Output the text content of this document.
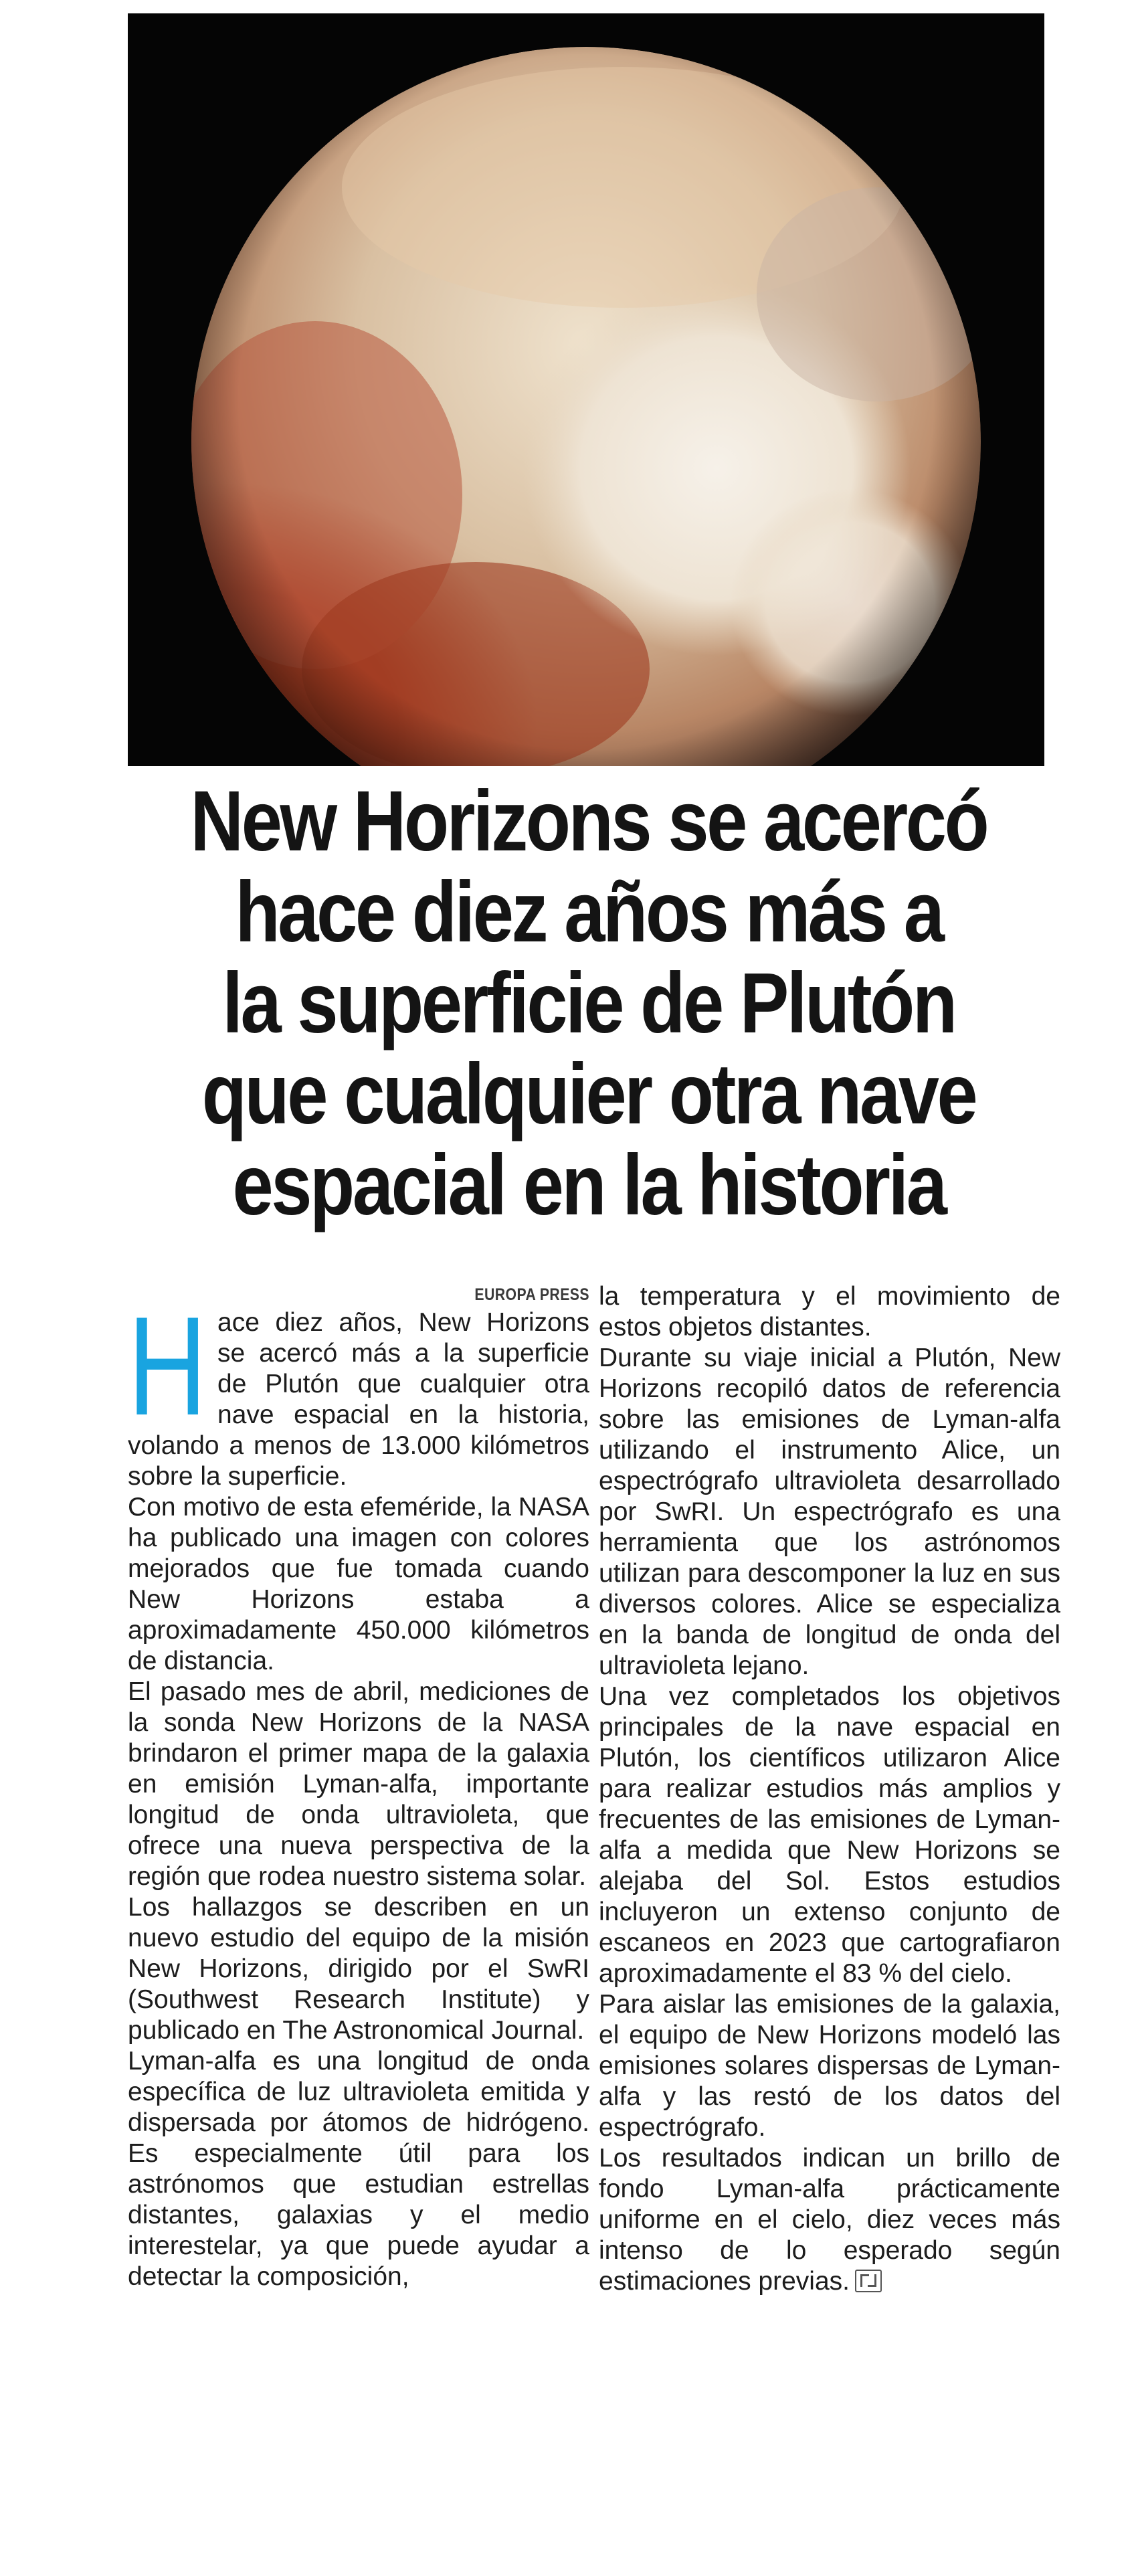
New Horizons se acercó
hace diez años más a
la superficie de Plutón
que cualquier otra nave
espacial en la historia
EUROPA PRESS

Hace diez años, New Horizons se acercó más a la superficie de Plutón que cualquier otra nave espacial en la historia, volando a menos de 13.000 kilómetros sobre la superficie.

Con motivo de esta efeméride, la NASA ha publicado una imagen con colores mejorados que fue tomada cuando New Horizons estaba a aproximadamente 450.000 kilómetros de distancia.

El pasado mes de abril, mediciones de la sonda New Horizons de la NASA brindaron el primer mapa de la galaxia en emisión Lyman-alfa, importante longitud de onda ultravioleta, que ofrece una nueva perspectiva de la región que rodea nuestro sistema solar.

Los hallazgos se describen en un nuevo estudio del equipo de la misión New Horizons, dirigido por el SwRI (Southwest Research Institute) y publicado en The Astronomical Journal.

Lyman-alfa es una longitud de onda específica de luz ultravioleta emitida y dispersada por átomos de hidrógeno. Es especialmente útil para los astrónomos que estudian estrellas distantes, galaxias y el medio interestelar, ya que puede ayudar a detectar la composición,

la temperatura y el movimiento de estos objetos distantes.

Durante su viaje inicial a Plutón, New Horizons recopiló datos de referencia sobre las emisiones de Lyman-alfa utilizando el instrumento Alice, un espectrógrafo ultravioleta desarrollado por SwRI. Un espectrógrafo es una herramienta que los astrónomos utilizan para descomponer la luz en sus diversos colores. Alice se especializa en la banda de longitud de onda del ultravioleta lejano.

Una vez completados los objetivos principales de la nave espacial en Plutón, los científicos utilizaron Alice para realizar estudios más amplios y frecuentes de las emisiones de Lyman-alfa a medida que New Horizons se alejaba del Sol. Estos estudios incluyeron un extenso conjunto de escaneos en 2023 que cartografiaron aproximadamente el 83 % del cielo.

Para aislar las emisiones de la galaxia, el equipo de New Horizons modeló las emisiones solares dispersas de Lyman-alfa y las restó de los datos del espectrógrafo.

Los resultados indican un brillo de fondo Lyman-alfa prácticamente uniforme en el cielo, diez veces más intenso de lo esperado según estimaciones previas.
